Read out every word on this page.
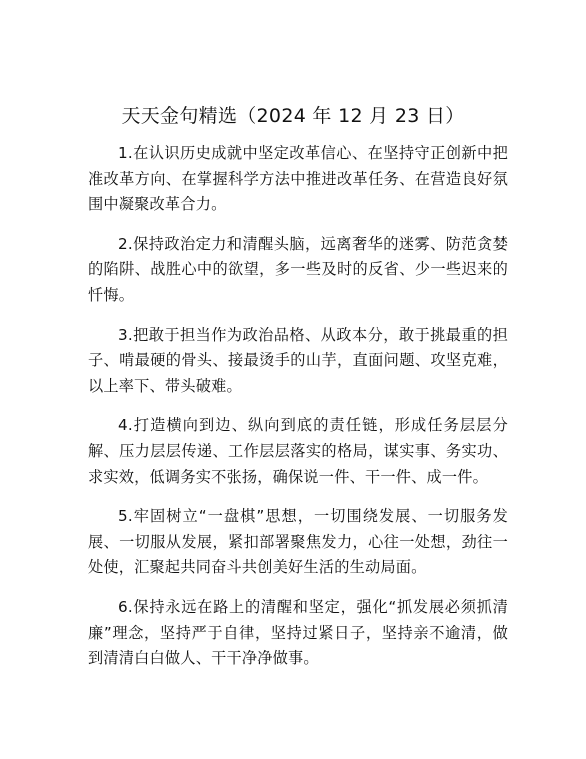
天天金句精选（2024 年 12 月 23 日）

1.在认识历史成就中坚定改革信心、在坚持守正创新中把准改革方向、在掌握科学方法中推进改革任务、在营造良好氛围中凝聚改革合力。

2.保持政治定力和清醒头脑，远离奢华的迷雾、防范贪婪的陷阱、战胜心中的欲望，多一些及时的反省、少一些迟来的忏悔。

3.把敢于担当作为政治品格、从政本分，敢于挑最重的担子、啃最硬的骨头、接最烫手的山芋，直面问题、攻坚克难，以上率下、带头破难。

4.打造横向到边、纵向到底的责任链，形成任务层层分解、压力层层传递、工作层层落实的格局，谋实事、务实功、求实效，低调务实不张扬，确保说一件、干一件、成一件。

5.牢固树立“一盘棋”思想，一切围绕发展、一切服务发展、一切服从发展，紧扣部署聚焦发力，心往一处想，劲往一处使，汇聚起共同奋斗共创美好生活的生动局面。

6.保持永远在路上的清醒和坚定，强化“抓发展必须抓清廉”理念，坚持严于自律，坚持过紧日子，坚持亲不逾清，做到清清白白做人、干干净净做事。
